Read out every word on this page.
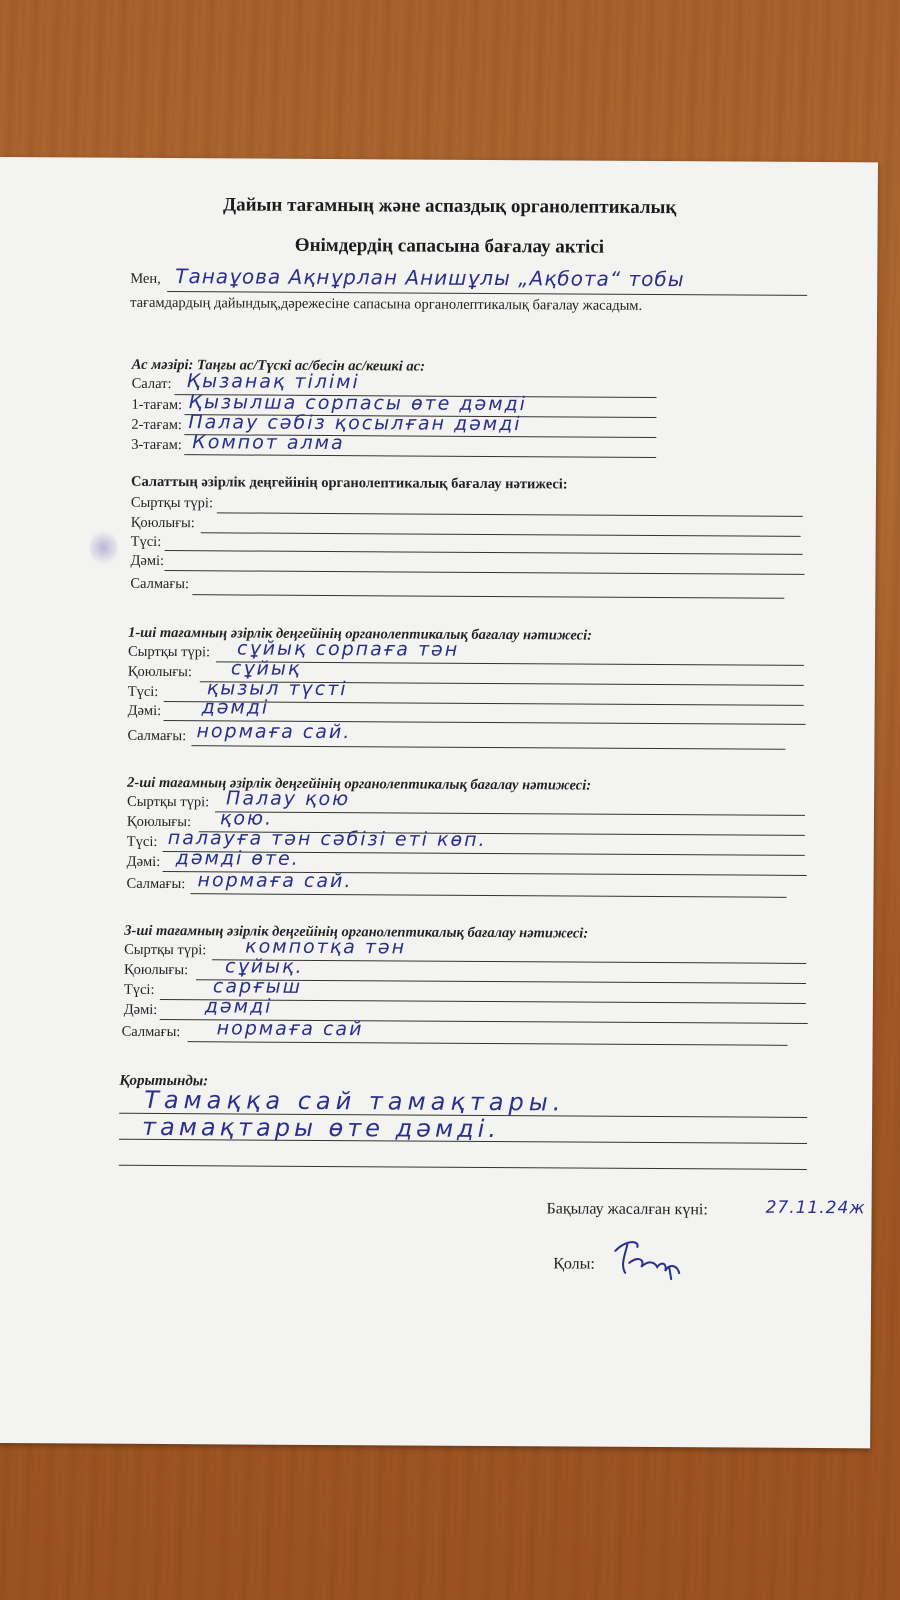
Дайын тағамның және аспаздық органолептикалық
Өнімдердің сапасына бағалау актісі
Мен, Танаұова Ақнұрлан Анишұлы „Ақбота“ тобы
тағамдардың дайындық,дәрежесіне сапасына органолептикалық бағалау жасадым.
Ас мәзірі: Таңғы ас/Түскі ас/бесін ас/кешкі ас:
Салат: Қызанақ тілімі
1-тағам: Қызылша сорпасы өте дәмді
2-тағам: Палау сәбіз қосылған дәмді
3-тағам: Компот алма
Салаттың әзірлік деңгейінің органолептикалық бағалау нәтижесі:
Сыртқы түрі:
Қоюлығы:
Түсі:
Дәмі:
Салмағы:
1-ші тағамның әзірлік деңгейінің органолептикалық бағалау нәтижесі:
Сыртқы түрі: сұйық сорпаға тән
Қоюлығы: сұйық
Түсі:	қызыл түсті
Дәмі: дәмді
Салмағы: нормаға сай.
2-ші тағамның әзірлік деңгейінің органолептикалық бағалау нәтижесі:
Сыртқы түрі: Палау қою
Қоюлығы: қою.
Түсі: палауға тән сәбізі еті көп.
Дәмі: дәмді өте.
Салмағы: нормаға сай.
3-ші тағамның әзірлік деңгейінің органолептикалық бағалау нәтижесі:
Сыртқы түрі: компотқа тән
Қоюлығы: сұйық.
Түсі:	сарғыш
Дәмі: дәмді
Салмағы: нормаға сай
Қорытынды:
Тамаққа сай тамақтары.
тамақтары өте дәмді.
Бақылау жасалған күні:	27.11.24ж
Қолы:
